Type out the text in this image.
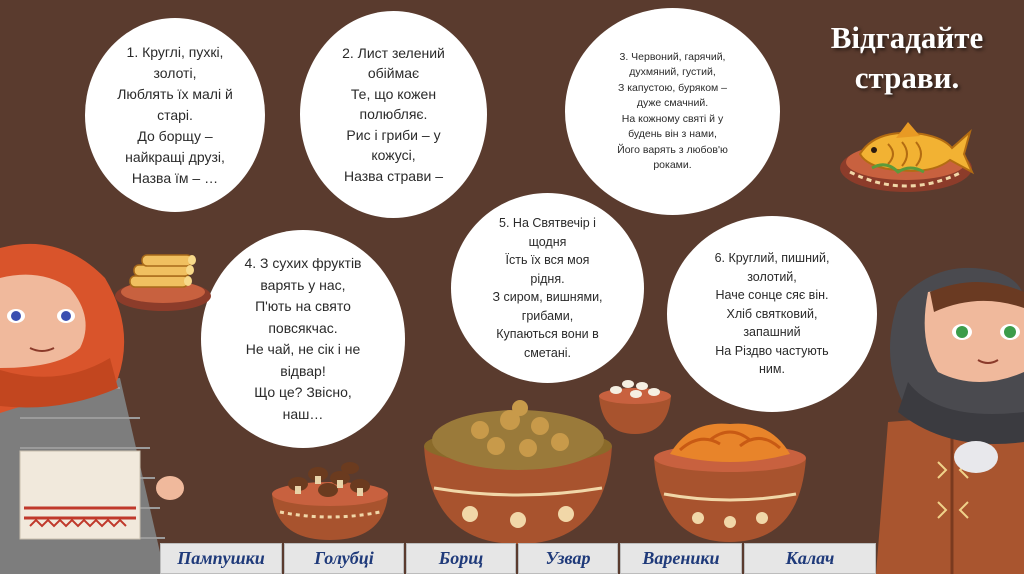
Відгадайте страви.
1. Круглі, пухкі,
золоті,
Люблять їх малі й
старі.
До борщу –
найкращі друзі,
Назва їм – …
2. Лист зелений
обіймає
Те, що кожен
полюбляє.
Рис і гриби – у
кожусі,
Назва страви –
3. Червоний, гарячий,
духмяний, густий,
З капустою, буряком –
дуже смачний.
На кожному святі й у
будень він з нами,
Його варять з любов'ю
роками.
4. З сухих фруктів
варять у нас,
П'ють на свято
повсякчас.
Не чай, не сік і не
відвар!
Що це? Звісно,
наш…
5. На Святвечір і
щодня
Їсть їх вся моя
рідня.
З сиром, вишнями,
грибами,
Купаються вони в
сметані.
6. Круглий, пишний,
золотий,
Наче сонце сяє він.
Хліб святковий,
запашний
На Різдво частують
ним.
Пампушки	Голубці	Борщ	Узвар	Вареники	Калач
